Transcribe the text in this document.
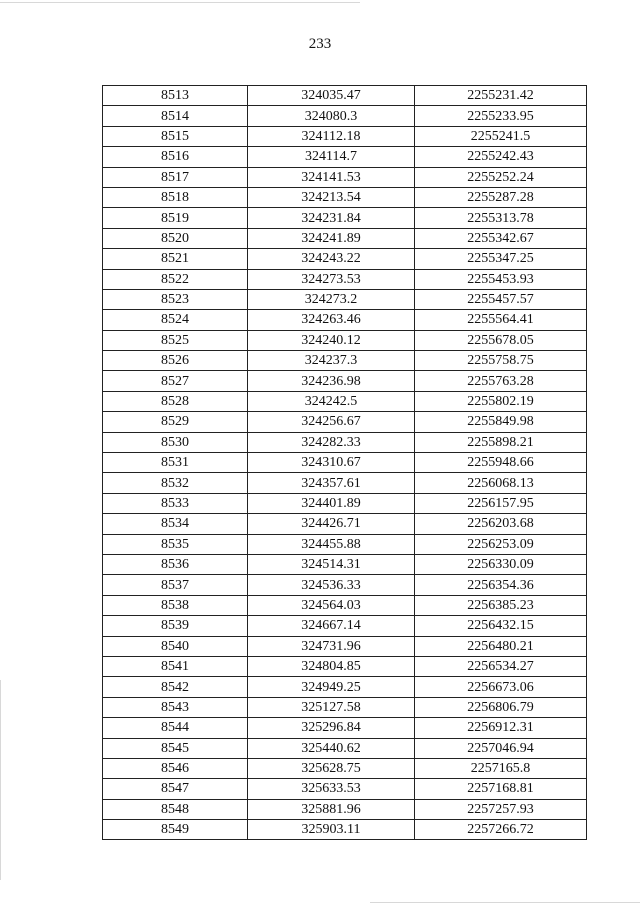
233
8513	324035.47	2255231.42
8514	324080.3	2255233.95
8515	324112.18	2255241.5
8516	324114.7	2255242.43
8517	324141.53	2255252.24
8518	324213.54	2255287.28
8519	324231.84	2255313.78
8520	324241.89	2255342.67
8521	324243.22	2255347.25
8522	324273.53	2255453.93
8523	324273.2	2255457.57
8524	324263.46	2255564.41
8525	324240.12	2255678.05
8526	324237.3	2255758.75
8527	324236.98	2255763.28
8528	324242.5	2255802.19
8529	324256.67	2255849.98
8530	324282.33	2255898.21
8531	324310.67	2255948.66
8532	324357.61	2256068.13
8533	324401.89	2256157.95
8534	324426.71	2256203.68
8535	324455.88	2256253.09
8536	324514.31	2256330.09
8537	324536.33	2256354.36
8538	324564.03	2256385.23
8539	324667.14	2256432.15
8540	324731.96	2256480.21
8541	324804.85	2256534.27
8542	324949.25	2256673.06
8543	325127.58	2256806.79
8544	325296.84	2256912.31
8545	325440.62	2257046.94
8546	325628.75	2257165.8
8547	325633.53	2257168.81
8548	325881.96	2257257.93
8549	325903.11	2257266.72
